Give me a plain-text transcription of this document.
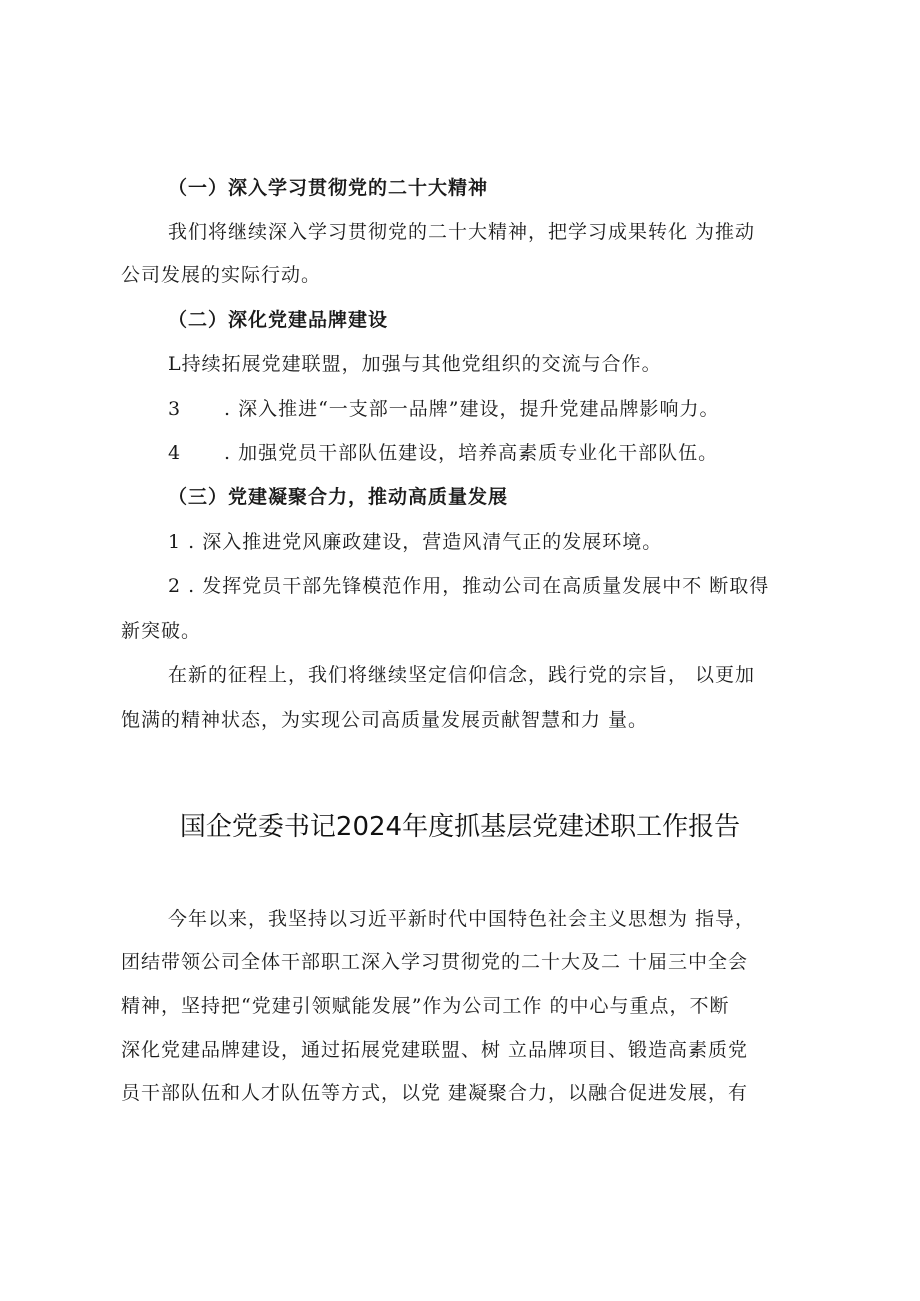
（一）深入学习贯彻党的二十大精神
我们将继续深入学习贯彻党的二十大精神，把学习成果转化 为推动
公司发展的实际行动。
（二）深化党建品牌建设
L持续拓展党建联盟，加强与其他党组织的交流与合作。
3 . 深入推进“一支部一品牌”建设，提升党建品牌影响力。
4 . 加强党员干部队伍建设，培养高素质专业化干部队伍。
（三）党建凝聚合力，推动高质量发展
1 . 深入推进党风廉政建设，营造风清气正的发展环境。
2 . 发挥党员干部先锋模范作用，推动公司在高质量发展中不 断取得
新突破。
在新的征程上，我们将继续坚定信仰信念，践行党的宗旨， 以更加
饱满的精神状态，为实现公司高质量发展贡献智慧和力 量。
国企党委书记2024年度抓基层党建述职工作报告
今年以来，我坚持以习近平新时代中国特色社会主义思想为 指导，
团结带领公司全体干部职工深入学习贯彻党的二十大及二 十届三中全会
精神，坚持把“党建引领赋能发展”作为公司工作 的中心与重点，不断
深化党建品牌建设，通过拓展党建联盟、树 立品牌项目、锻造高素质党
员干部队伍和人才队伍等方式，以党 建凝聚合力，以融合促进发展，有
